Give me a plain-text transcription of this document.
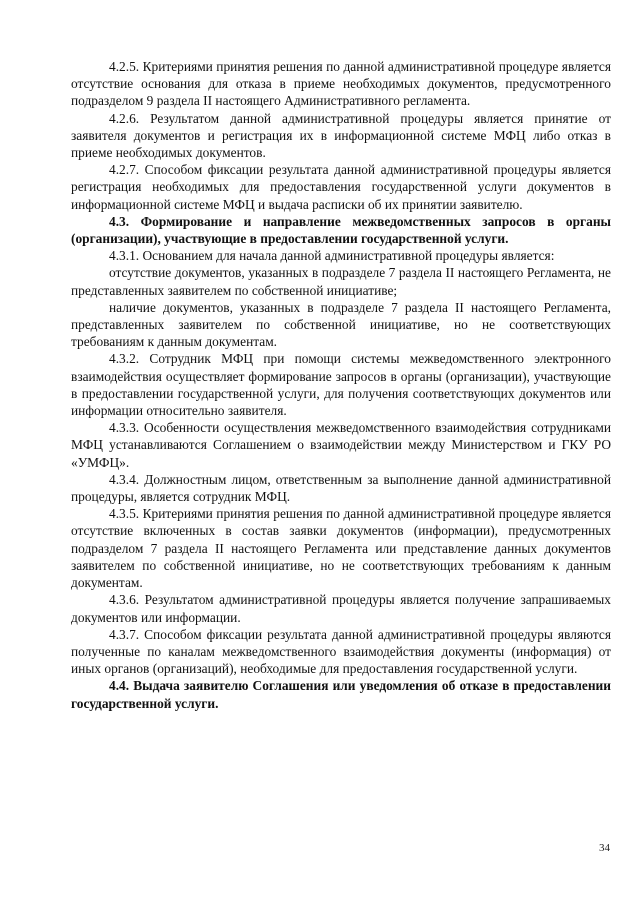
4.2.5. Критериями принятия решения по данной административной процедуре является отсутствие основания для отказа в приеме необходимых документов, предусмотренного подразделом 9 раздела II настоящего Административного регламента.

4.2.6. Результатом данной административной процедуры является принятие от заявителя документов и регистрация их в информационной системе МФЦ либо отказ в приеме необходимых документов.

4.2.7. Способом фиксации результата данной административной процедуры является регистрация необходимых для предоставления государственной услуги документов в информационной системе МФЦ и выдача расписки об их принятии заявителю.

4.3. Формирование и направление межведомственных запросов в органы (организации), участвующие в предоставлении государственной услуги.

4.3.1. Основанием для начала данной административной процедуры является:

отсутствие документов, указанных в подразделе 7 раздела II настоящего Регламента, не представленных заявителем по собственной инициативе;

наличие документов, указанных в подразделе 7 раздела II настоящего Регламента, представленных заявителем по собственной инициативе, но не соответствующих требованиям к данным документам.

4.3.2. Сотрудник МФЦ при помощи системы межведомственного электронного взаимодействия осуществляет формирование запросов в органы (организации), участвующие в предоставлении государственной услуги, для получения соответствующих документов или информации относительно заявителя.

4.3.3. Особенности осуществления межведомственного взаимодействия сотрудниками МФЦ устанавливаются Соглашением о взаимодействии между Министерством и ГКУ РО «УМФЦ».

4.3.4. Должностным лицом, ответственным за выполнение данной административной процедуры, является сотрудник МФЦ.

4.3.5. Критериями принятия решения по данной административной процедуре является отсутствие включенных в состав заявки документов (информации), предусмотренных подразделом 7 раздела II настоящего Регламента или представление данных документов заявителем по собственной инициативе, но не соответствующих требованиям к данным документам.

4.3.6. Результатом административной процедуры является получение запрашиваемых документов или информации.

4.3.7. Способом фиксации результата данной административной процедуры являются полученные по каналам межведомственного взаимодействия документы (информация) от иных органов (организаций), необходимые для предоставления государственной услуги.

4.4. Выдача заявителю Соглашения или уведомления об отказе в предоставлении государственной услуги.

34
